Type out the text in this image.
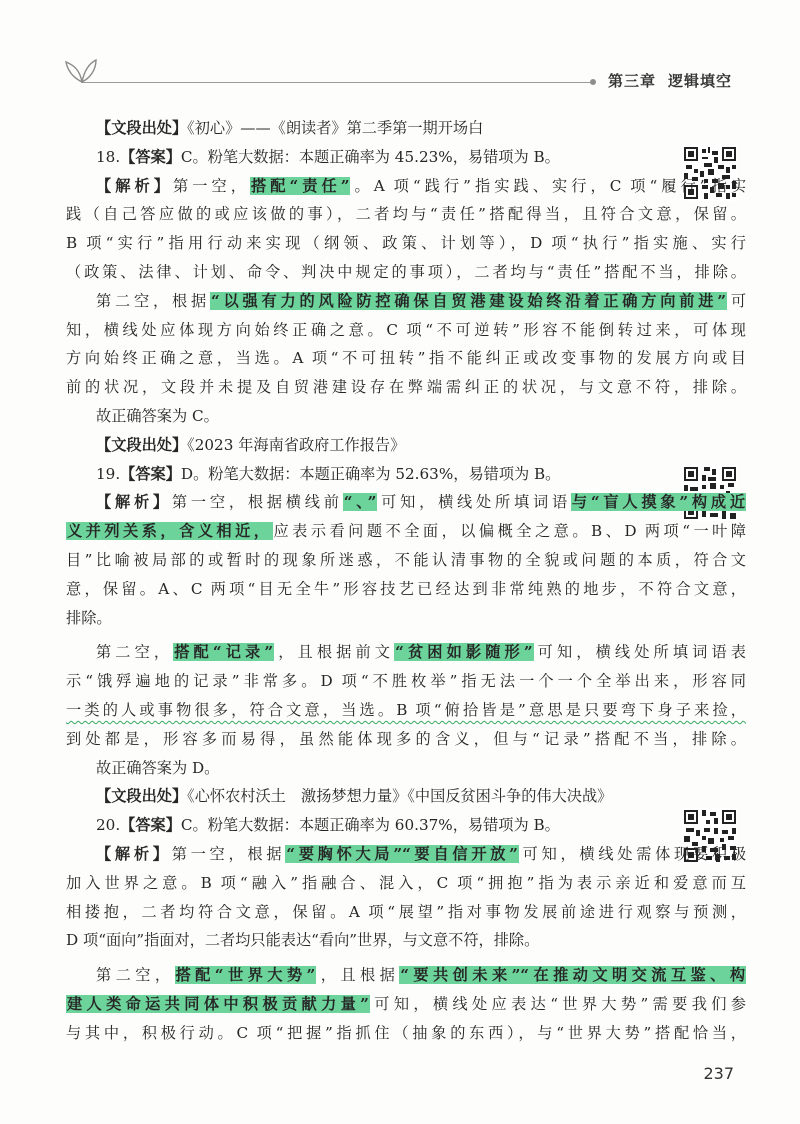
第三章 逻辑填空
【文段出处】《初心》——《朗读者》第二季第一期开场白
18.【答案】C。粉笔大数据：本题正确率为 45.23%，易错项为 B。
【解析】第一空，搭配“责任”。A 项“践行”指实践、实行，C 项“履行”指实
践（自己答应做的或应该做的事），二者均与“责任”搭配得当，且符合文意，保留。
B 项“实行”指用行动来实现（纲领、政策、计划等），D 项“执行”指实施、实行
（政策、法律、计划、命令、判决中规定的事项），二者均与“责任”搭配不当，排除。
第二空，根据“以强有力的风险防控确保自贸港建设始终沿着正确方向前进”可
知，横线处应体现方向始终正确之意。C 项“不可逆转”形容不能倒转过来，可体现
方向始终正确之意，当选。A 项“不可扭转”指不能纠正或改变事物的发展方向或目
前的状况，文段并未提及自贸港建设存在弊端需纠正的状况，与文意不符，排除。
故正确答案为 C。
【文段出处】《2023 年海南省政府工作报告》
19.【答案】D。粉笔大数据：本题正确率为 52.63%，易错项为 B。
【解析】第一空，根据横线前“、”可知，横线处所填词语与“盲人摸象”构成近
义并列关系，含义相近，应表示看问题不全面，以偏概全之意。B、D 两项“一叶障
目”比喻被局部的或暂时的现象所迷惑，不能认清事物的全貌或问题的本质，符合文
意，保留。A、C 两项“目无全牛”形容技艺已经达到非常纯熟的地步，不符合文意，
排除。
第二空，搭配“记录”，且根据前文“贫困如影随形”可知，横线处所填词语表
示“饿殍遍地的记录”非常多。D 项“不胜枚举”指无法一个一个全举出来，形容同
一类的人或事物很多，符合文意，当选。B 项“俯拾皆是”意思是只要弯下身子来捡，
到处都是，形容多而易得，虽然能体现多的含义，但与“记录”搭配不当，排除。
故正确答案为 D。
【文段出处】《心怀农村沃土　激扬梦想力量》《中国反贫困斗争的伟大决战》
20.【答案】C。粉笔大数据：本题正确率为 60.37%，易错项为 B。
【解析】第一空，根据“要胸怀大局”“要自信开放”可知，横线处需体现要积极
加入世界之意。B 项“融入”指融合、混入，C 项“拥抱”指为表示亲近和爱意而互
相搂抱，二者均符合文意，保留。A 项“展望”指对事物发展前途进行观察与预测，
D 项“面向”指面对，二者均只能表达“看向”世界，与文意不符，排除。
第二空，搭配“世界大势”，且根据“要共创未来”“在推动文明交流互鉴、构
建人类命运共同体中积极贡献力量”可知，横线处应表达“世界大势”需要我们参
与其中，积极行动。C 项“把握”指抓住（抽象的东西），与“世界大势”搭配恰当，
237
